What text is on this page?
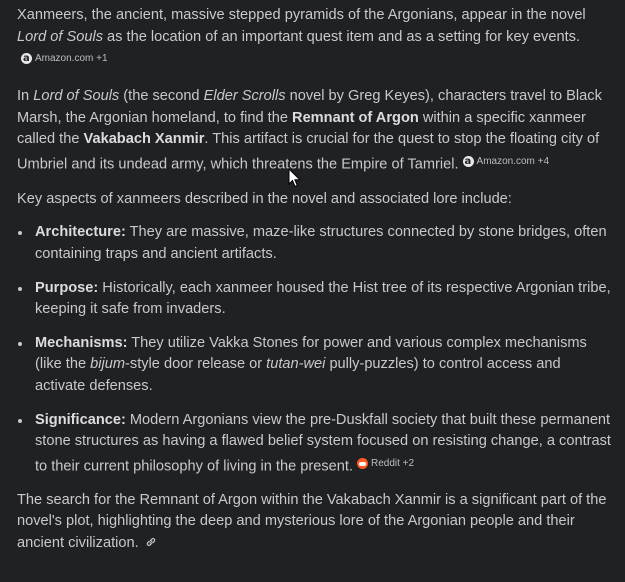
Xanmeers, the ancient, massive stepped pyramids of the Argonians, appear in the novel Lord of Souls as the location of an important quest item and as a setting for key events.
a
Amazon.com +1

In Lord of Souls (the second Elder Scrolls novel by Greg Keyes), characters travel to Black Marsh, the Argonian homeland, to find the Remnant of Argon within a specific xanmeer called the Vakabach Xanmir. This artifact is crucial for the quest to stop the floating city of Umbriel and its undead army, which threatens the Empire of Tamriel.
a Amazon.com +4

Key aspects of xanmeers described in the novel and associated lore include:

Architecture: They are massive, maze-like structures connected by stone bridges, often containing traps and ancient artifacts.
Purpose: Historically, each xanmeer housed the Hist tree of its respective Argonian tribe, keeping it safe from invaders.
Mechanisms: They utilize Vakka Stones for power and various complex mechanisms (like the bijum-style door release or tutan-wei pully-puzzles) to control access and activate defenses.
Significance: Modern Argonians view the pre-Duskfall society that built these permanent stone structures as having a flawed belief system focused on resisting change, a contrast to their current philosophy of living in the present. Reddit +2

The search for the Remnant of Argon within the Vakabach Xanmir is a significant part of the novel's plot, highlighting the deep and mysterious lore of the Argonian people and their ancient civilization.
